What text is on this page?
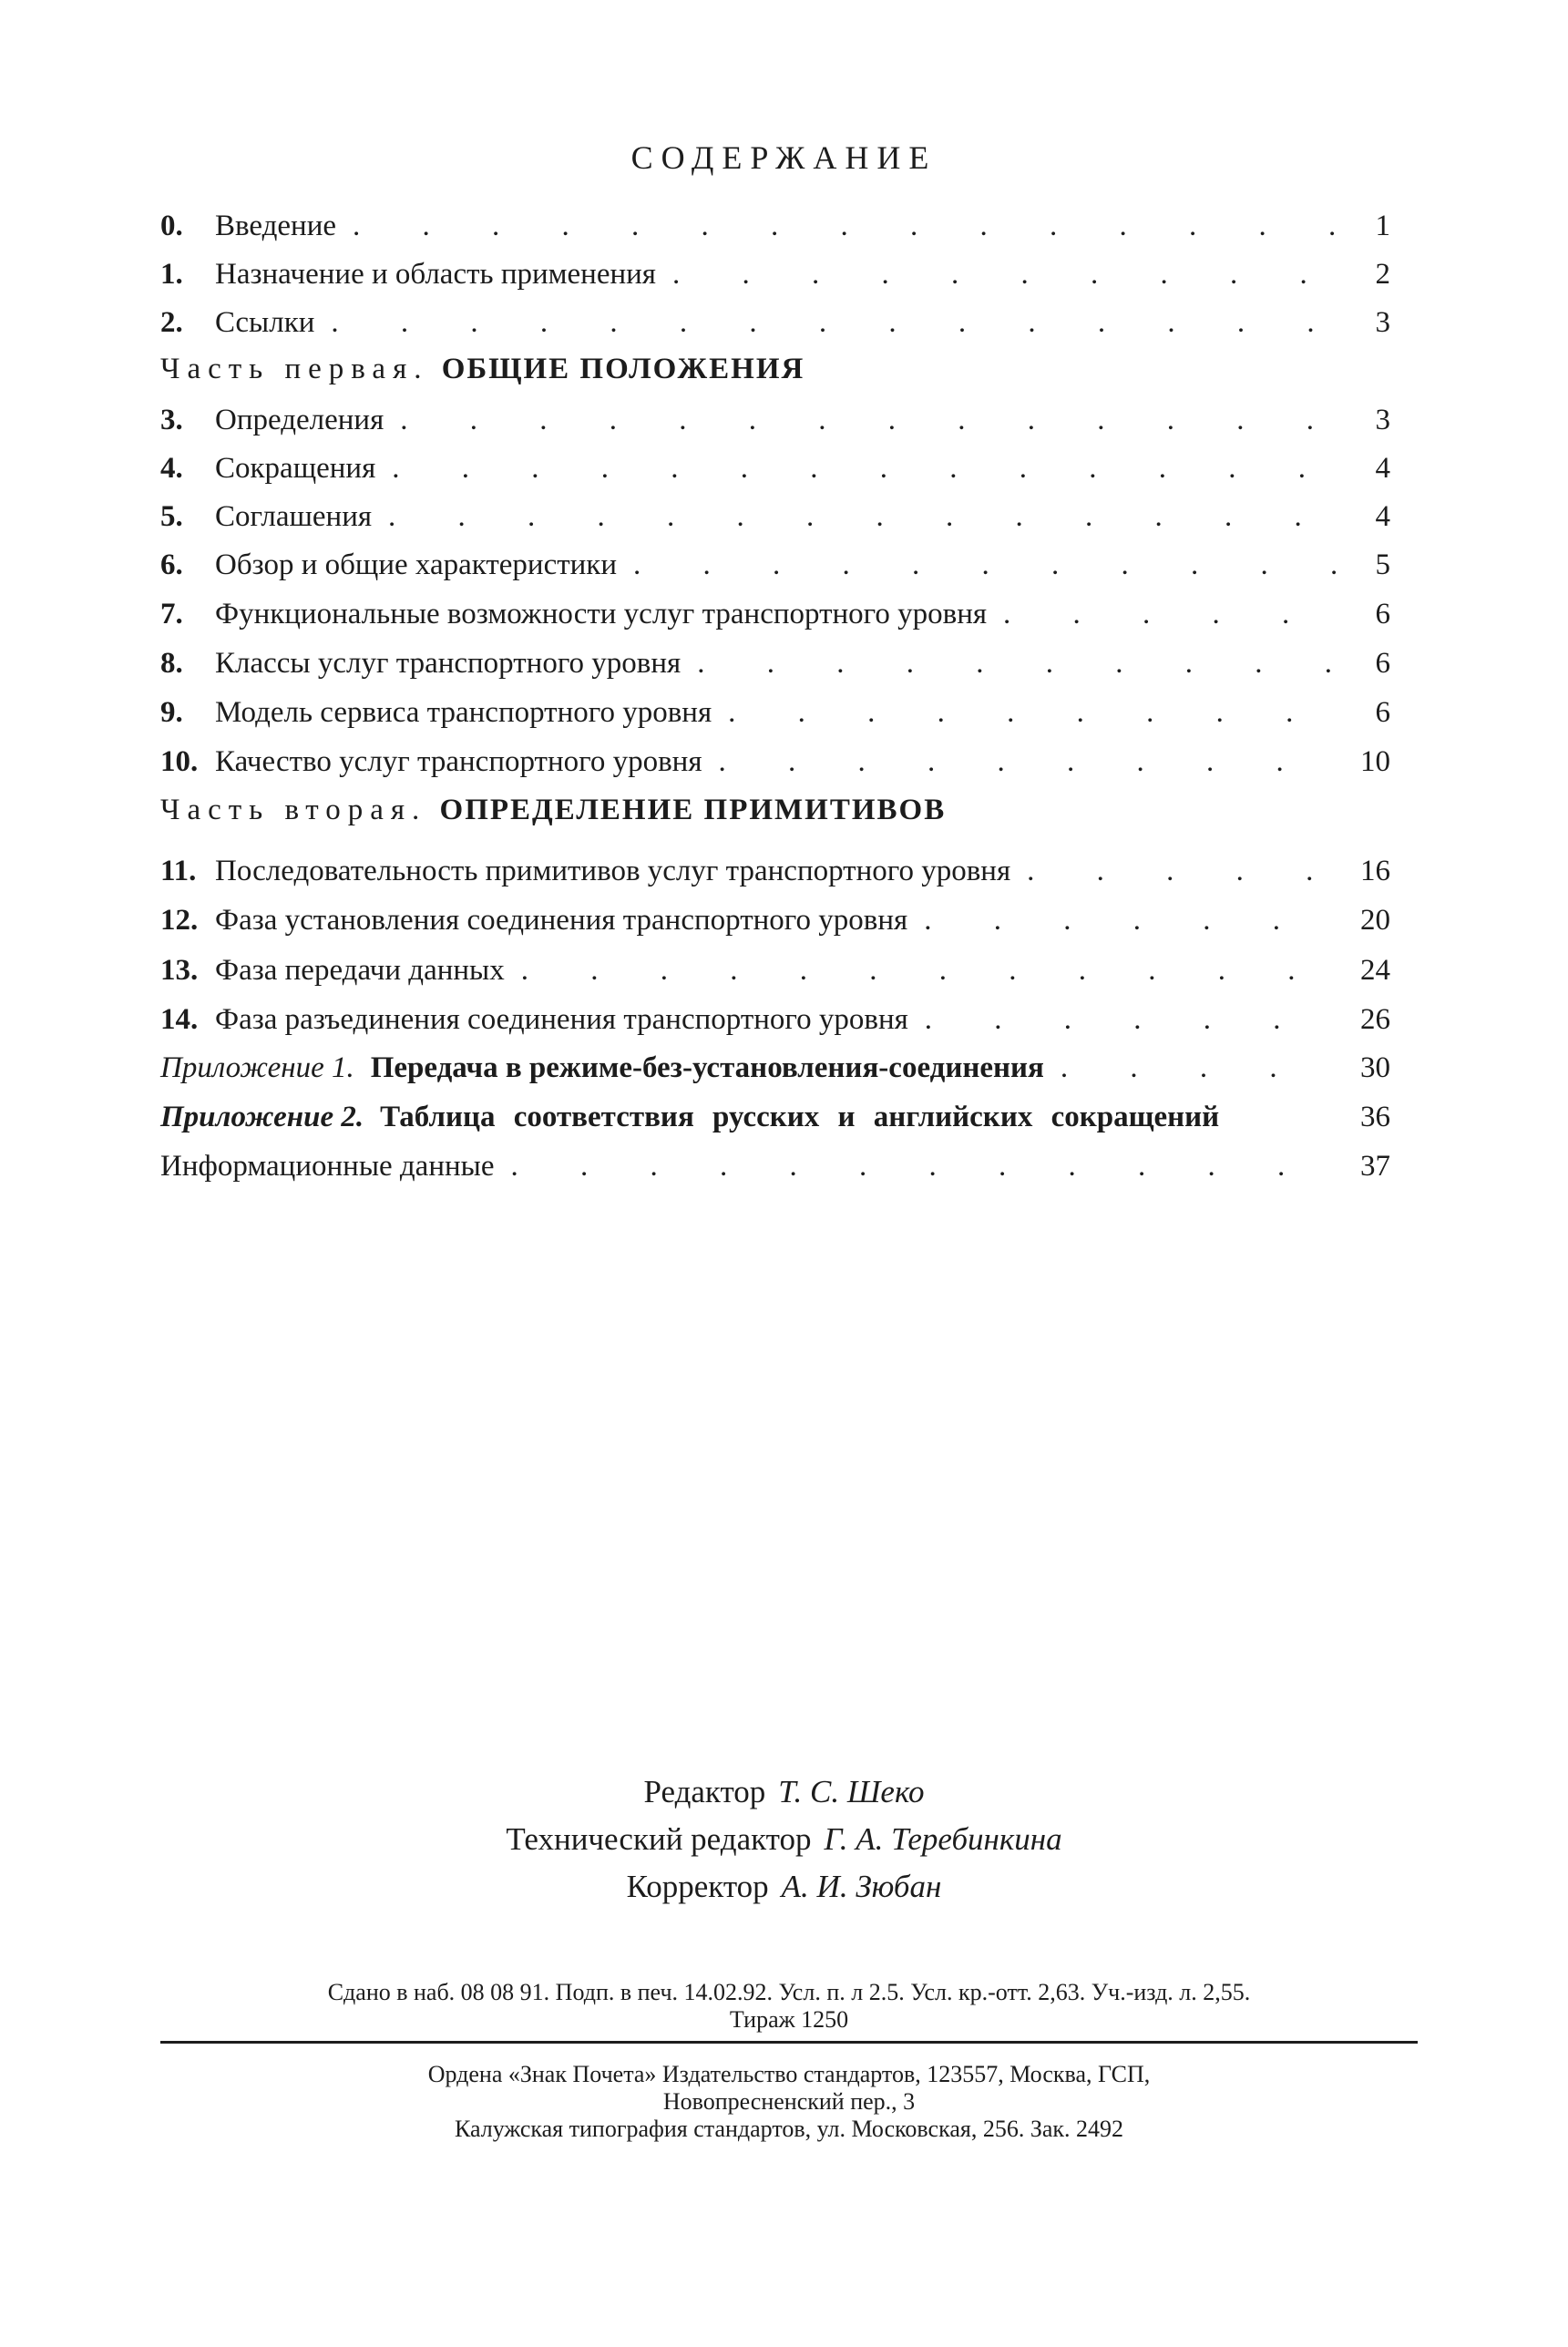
СОДЕРЖАНИЕ
0.	Введение . . .	1
1.	Назначение и область применения . . .	2
2.	Ссылки . . .	3
Часть первая. ОБЩИЕ ПОЛОЖЕНИЯ
3.	Определения . . .	3
4.	Сокращения . . .	4
5.	Соглашения . . .	4
6.	Обзор и общие характеристики . . .	5
7.	Функциональные возможности услуг транспортного уровня . . .	6
8.	Классы услуг транспортного уровня . . .	6
9.	Модель сервиса транспортного уровня . . .	6
10. Качество услуг транспортного уровня . . .	10
Часть вторая. ОПРЕДЕЛЕНИЕ ПРИМИТИВОВ
11. Последовательность примитивов услуг транспортного уровня . . .	16
12. Фаза установления соединения транспортного уровня . . .	20
13. Фаза передачи данных . . .	24
14. Фаза разъединения соединения транспортного уровня . . .	26
Приложение 1. Передача в режиме-без-установления-соединения . . .	30
Приложение 2. Таблица соответствия русских и английских сокращений	36
Информационные данные . . .	37
Редактор Т. С. Шеко
Технический редактор Г. А. Теребинкина
Корректор А. И. Зюбан
Сдано в наб. 08 08 91. Подп. в печ. 14.02.92. Усл. п. л 2.5. Усл. кр.-отт. 2,63. Уч.-изд. л. 2,55.
Тираж 1250
Ордена «Знак Почета» Издательство стандартов, 123557, Москва, ГСП,
Новопресненский пер., 3
Калужская типография стандартов, ул. Московская, 256. Зак. 2492
